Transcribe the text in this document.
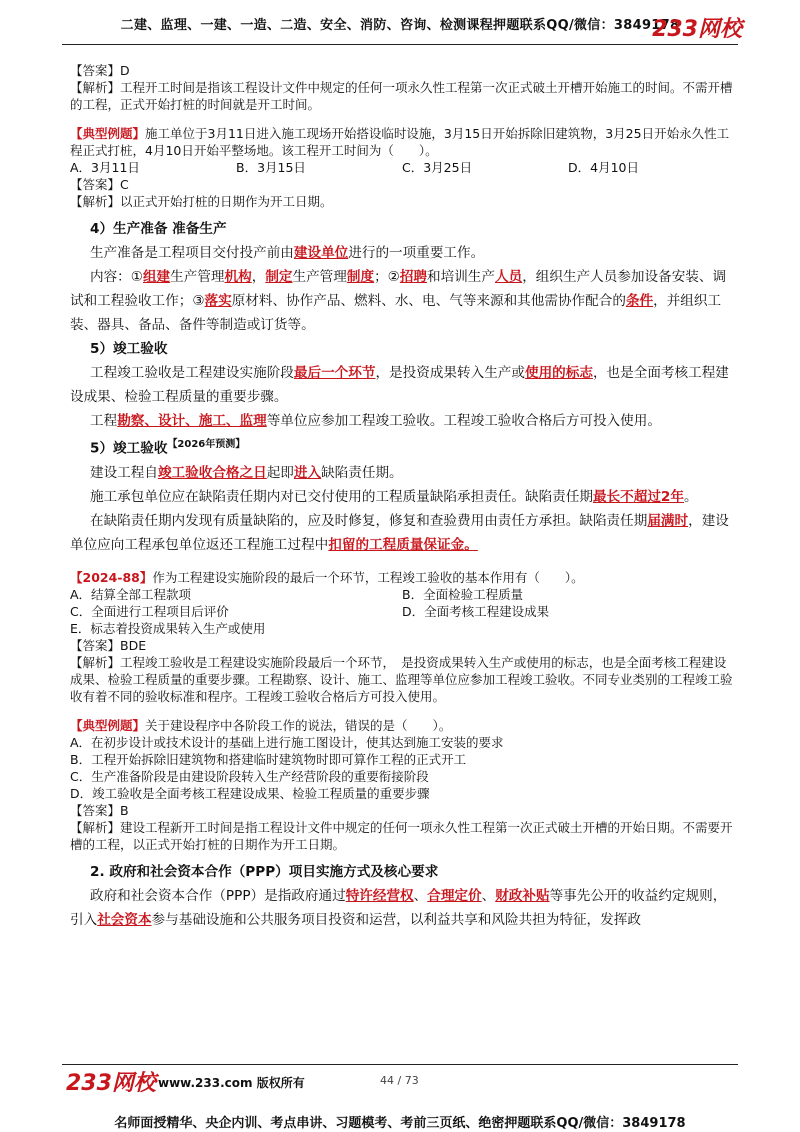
二建、监理、一建、一造、二造、安全、消防、咨询、检测课程押题联系QQ/微信：3849178
233网校

【答案】D

【解析】工程开工时间是指该工程设计文件中规定的任何一项永久性工程第一次正式破土开槽开始施工的时间。不需开槽的工程，正式开始打桩的时间就是开工时间。

【典型例题】施工单位于3月11日进入施工现场开始搭设临时设施，3月15日开始拆除旧建筑物，3月25日开始永久性工程正式打桩，4月10日开始平整场地。该工程开工时间为（　　）。

A．3月11日	B．3月15日	C．3月25日	D．4月10日

【答案】C

【解析】以正式开始打桩的日期作为开工日期。

4）生产准备 准备生产

生产准备是工程项目交付投产前由建设单位进行的一项重要工作。

内容：①组建生产管理机构，制定生产管理制度；②招聘和培训生产人员，组织生产人员参加设备安装、调试和工程验收工作；③落实原材料、协作产品、燃料、水、电、气等来源和其他需协作配合的条件，并组织工装、器具、备品、备件等制造或订货等。

5）竣工验收

工程竣工验收是工程建设实施阶段最后一个环节，是投资成果转入生产或使用的标志，也是全面考核工程建设成果、检验工程质量的重要步骤。

工程勘察、设计、施工、监理等单位应参加工程竣工验收。工程竣工验收合格后方可投入使用。

5）竣工验收$^{【2026年预测】}$

建设工程自竣工验收合格之日起即进入缺陷责任期。

施工承包单位应在缺陷责任期内对已交付使用的工程质量缺陷承担责任。缺陷责任期最长不超过2年。

在缺陷责任期内发现有质量缺陷的，应及时修复，修复和查验费用由责任方承担。缺陷责任期届满时，建设单位应向工程承包单位返还工程施工过程中扣留的工程质量保证金。

【2024-88】作为工程建设实施阶段的最后一个环节，工程竣工验收的基本作用有（　　）。

A．结算全部工程款项	B．全面检验工程质量
C．全面进行工程项目后评价	D．全面考核工程建设成果
E．标志着投资成果转入生产或使用

【答案】BDE

【解析】工程竣工验收是工程建设实施阶段最后一个环节，　是投资成果转入生产或使用的标志，也是全面考核工程建设成果、检验工程质量的重要步骤。工程勘察、设计、施工、监理等单位应参加工程竣工验收。不同专业类别的工程竣工验收有着不同的验收标准和程序。工程竣工验收合格后方可投入使用。

【典型例题】关于建设程序中各阶段工作的说法，错误的是（　　）。

A．在初步设计或技术设计的基础上进行施工图设计，使其达到施工安装的要求

B．工程开始拆除旧建筑物和搭建临时建筑物时即可算作工程的正式开工

C．生产准备阶段是由建设阶段转入生产经营阶段的重要衔接阶段

D．竣工验收是全面考核工程建设成果、检验工程质量的重要步骤

【答案】B

【解析】建设工程新开工时间是指工程设计文件中规定的任何一项永久性工程第一次正式破土开槽的开始日期。不需要开槽的工程，以正式开始打桩的日期作为开工日期。

2. 政府和社会资本合作（PPP）项目实施方式及核心要求

政府和社会资本合作（PPP）是指政府通过特许经营权、合理定价、财政补贴等事先公开的收益约定规则，引入社会资本参与基础设施和公共服务项目投资和运营，以利益共享和风险共担为特征，发挥政

233网校 www.233.com 版权所有	44 / 73
名师面授精华、央企内训、考点串讲、习题模考、考前三页纸、绝密押题联系QQ/微信：3849178
